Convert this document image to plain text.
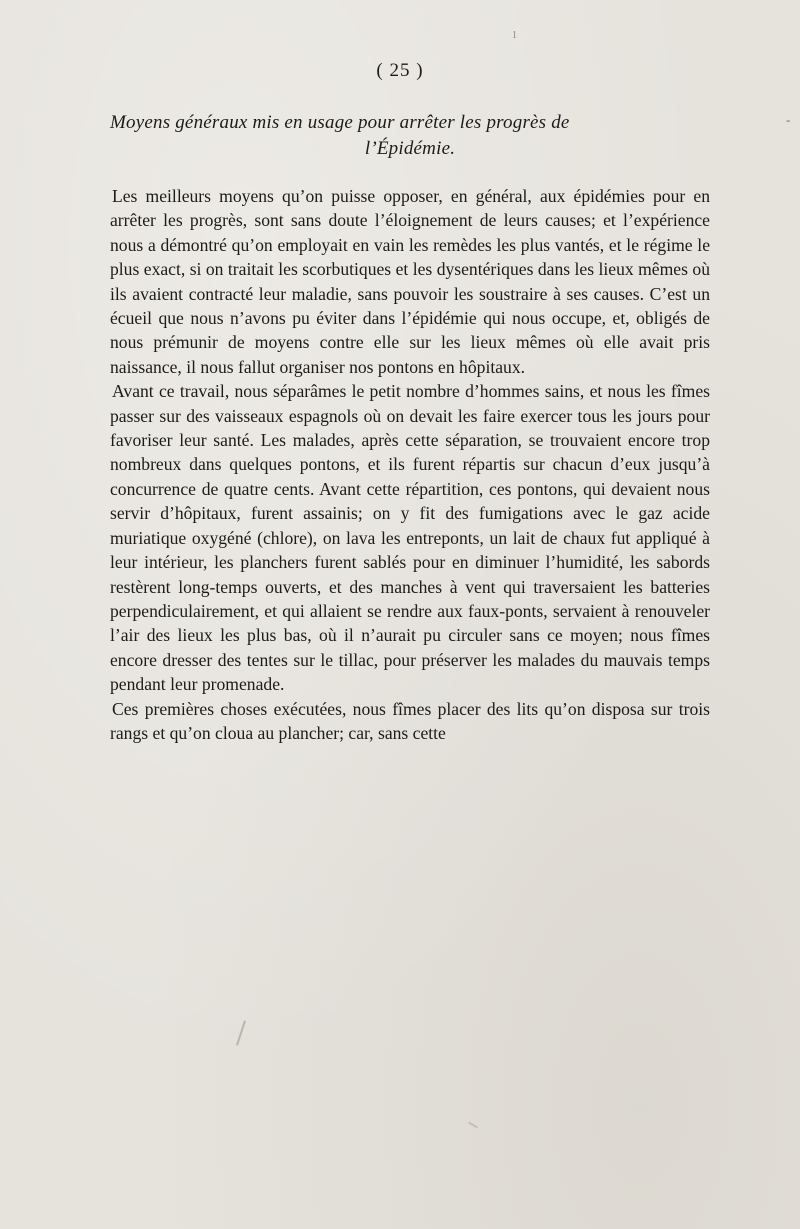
1
( 25 )
-
Moyens généraux mis en usage pour arrêter les progrès de
l’Épidémie.

Les meilleurs moyens qu’on puisse opposer, en général, aux épidémies pour en arrêter les progrès, sont sans doute l’éloignement de leurs causes; et l’expérience nous a démontré qu’on employait en vain les remèdes les plus vantés, et le régime le plus exact, si on traitait les scorbutiques et les dysentériques dans les lieux mêmes où ils avaient contracté leur maladie, sans pouvoir les soustraire à ses causes. C’est un écueil que nous n’avons pu éviter dans l’épidémie qui nous occupe, et, obligés de nous prémunir de moyens contre elle sur les lieux mêmes où elle avait pris naissance, il nous fallut organiser nos pontons en hôpitaux.

Avant ce travail, nous séparâmes le petit nombre d’hommes sains, et nous les fîmes passer sur des vaisseaux espagnols où on devait les faire exercer tous les jours pour favoriser leur santé. Les malades, après cette séparation, se trouvaient encore trop nombreux dans quelques pontons, et ils furent répartis sur chacun d’eux jusqu’à concurrence de quatre cents. Avant cette répartition, ces pontons, qui devaient nous servir d’hôpitaux, furent assainis; on y fit des fumigations avec le gaz acide muriatique oxygéné (chlore), on lava les entreponts, un lait de chaux fut appliqué à leur intérieur, les planchers furent sablés pour en diminuer l’humidité, les sabords restèrent long-temps ouverts, et des manches à vent qui traversaient les batteries perpendiculairement, et qui allaient se rendre aux faux-ponts, servaient à renouveler l’air des lieux les plus bas, où il n’aurait pu circuler sans ce moyen; nous fîmes encore dresser des tentes sur le tillac, pour préserver les malades du mauvais temps pendant leur promenade.

Ces premières choses exécutées, nous fîmes placer des lits qu’on disposa sur trois rangs et qu’on cloua au plancher; car, sans cette
